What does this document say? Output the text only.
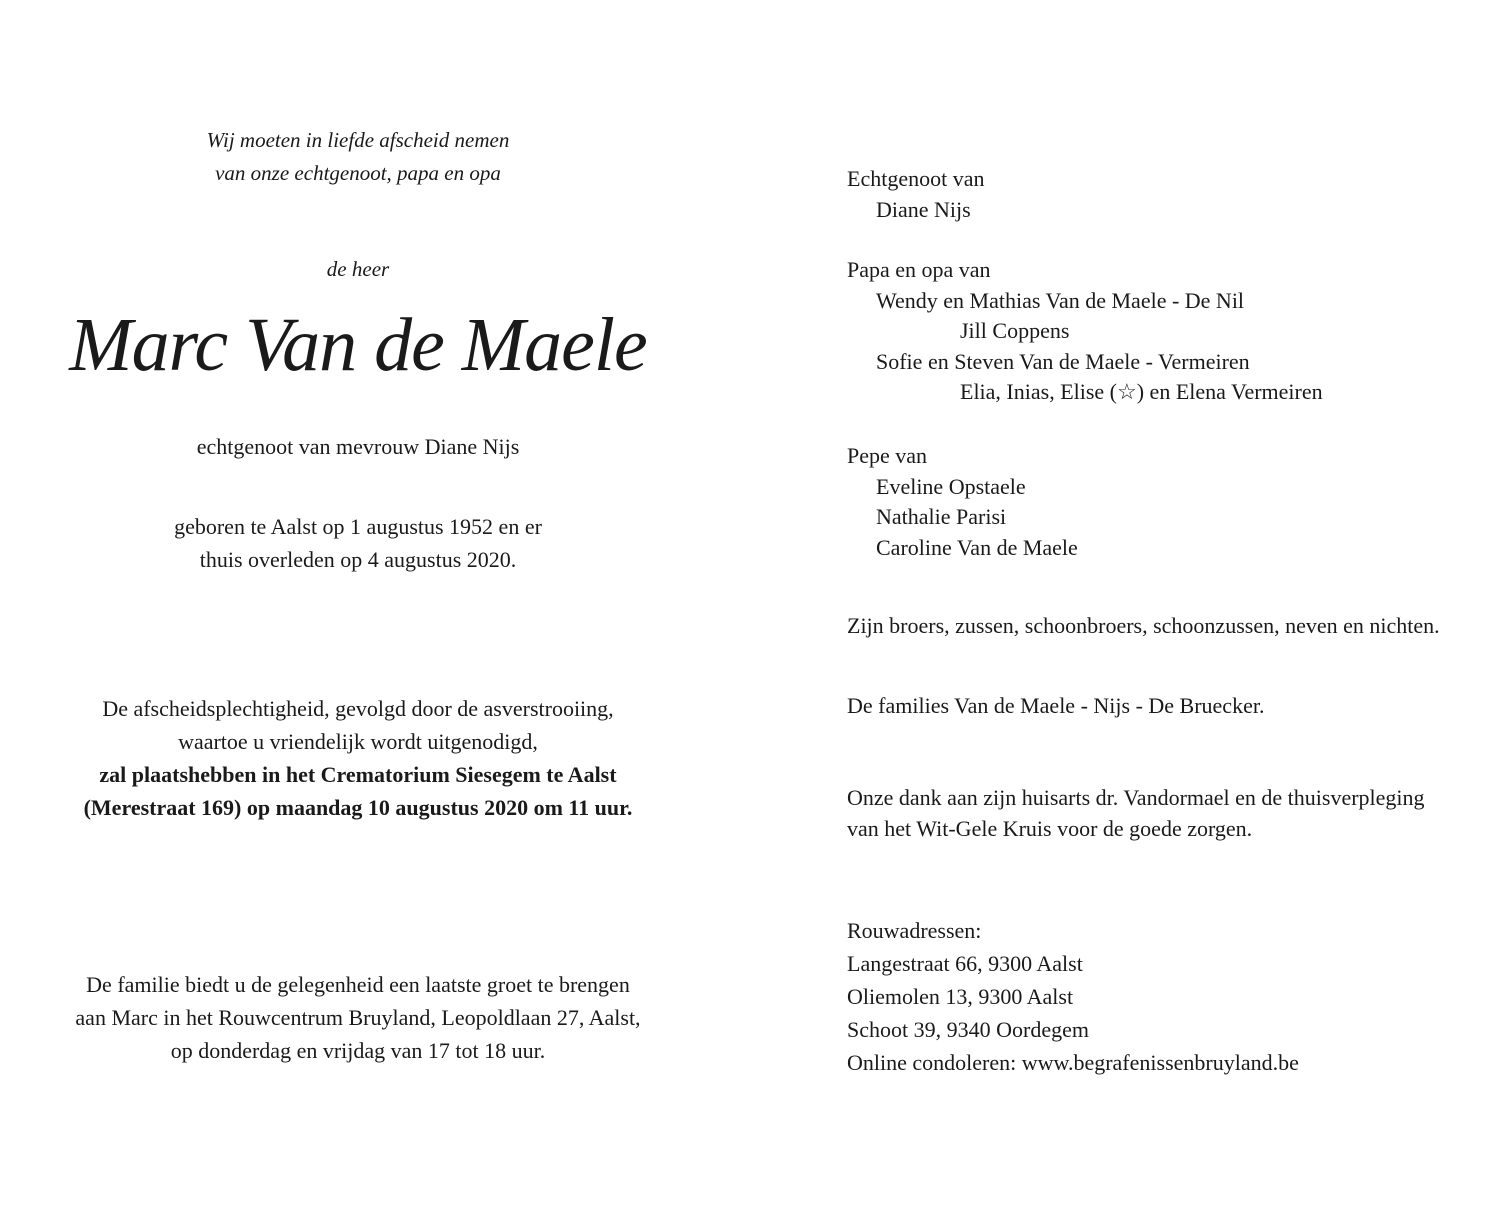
Wij moeten in liefde afscheid nemen
van onze echtgenoot, papa en opa
de heer
Marc Van de Maele
echtgenoot van mevrouw Diane Nijs
geboren te Aalst op 1 augustus 1952 en er
thuis overleden op 4 augustus 2020.
De afscheidsplechtigheid, gevolgd door de asverstrooiing,
waartoe u vriendelijk wordt uitgenodigd,
zal plaatshebben in het Crematorium Siesegem te Aalst
(Merestraat 169) op maandag 10 augustus 2020 om 11 uur.
De familie biedt u de gelegenheid een laatste groet te brengen
aan Marc in het Rouwcentrum Bruyland, Leopoldlaan 27, Aalst,
op donderdag en vrijdag van 17 tot 18 uur.
Echtgenoot van
Diane Nijs
Papa en opa van
Wendy en Mathias Van de Maele - De Nil
Jill Coppens
Sofie en Steven Van de Maele - Vermeiren
Elia, Inias, Elise (☆) en Elena Vermeiren
Pepe van
Eveline Opstaele
Nathalie Parisi
Caroline Van de Maele
Zijn broers, zussen, schoonbroers, schoonzussen, neven en nichten.
De families Van de Maele - Nijs - De Bruecker.
Onze dank aan zijn huisarts dr. Vandormael en de thuisverpleging
van het Wit-Gele Kruis voor de goede zorgen.
Rouwadressen:
Langestraat 66, 9300 Aalst
Oliemolen 13, 9300 Aalst
Schoot 39, 9340 Oordegem
Online condoleren: www.begrafenissenbruyland.be
